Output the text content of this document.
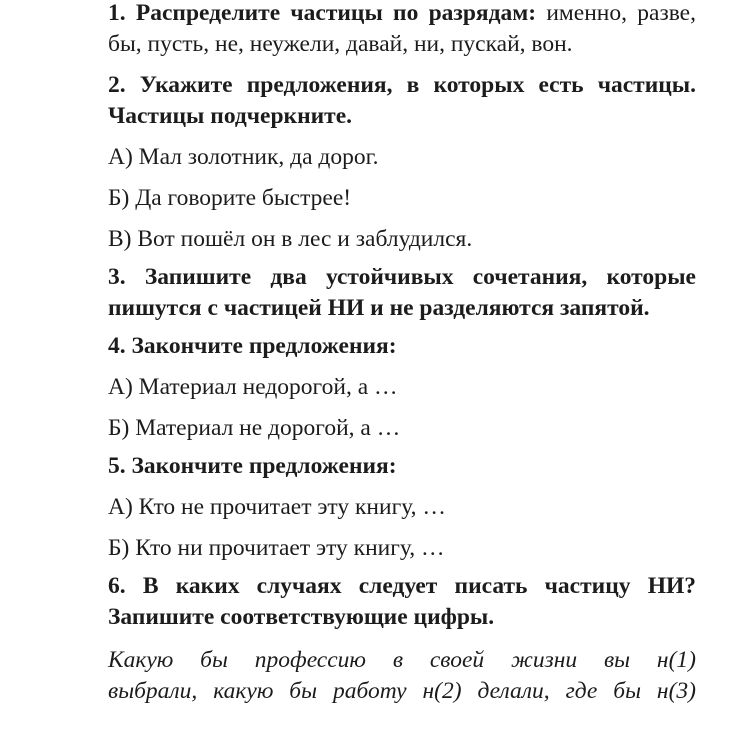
1. Распределите частицы по разрядам: именно, разве, бы, пусть, не, неужели, давай, ни, пускай, вон.

2. Укажите предложения, в которых есть частицы. Частицы подчеркните.

А) Мал золотник, да дорог.

Б) Да говорите быстрее!

В) Вот пошёл он в лес и заблудился.

3. Запишите два устойчивых сочетания, которые пишутся с частицей НИ и не разделяются запятой.

4. Закончите предложения:

А) Материал недорогой, а …

Б) Материал не дорогой, а …

5. Закончите предложения:

А) Кто не прочитает эту книгу, …

Б) Кто ни прочитает эту книгу, …

6. В каких случаях следует писать частицу НИ? Запишите соответствующие цифры.

Какую бы профессию в своей жизни вы н(1)

выбрали, какую бы работу н(2) делали, где бы н(3)
